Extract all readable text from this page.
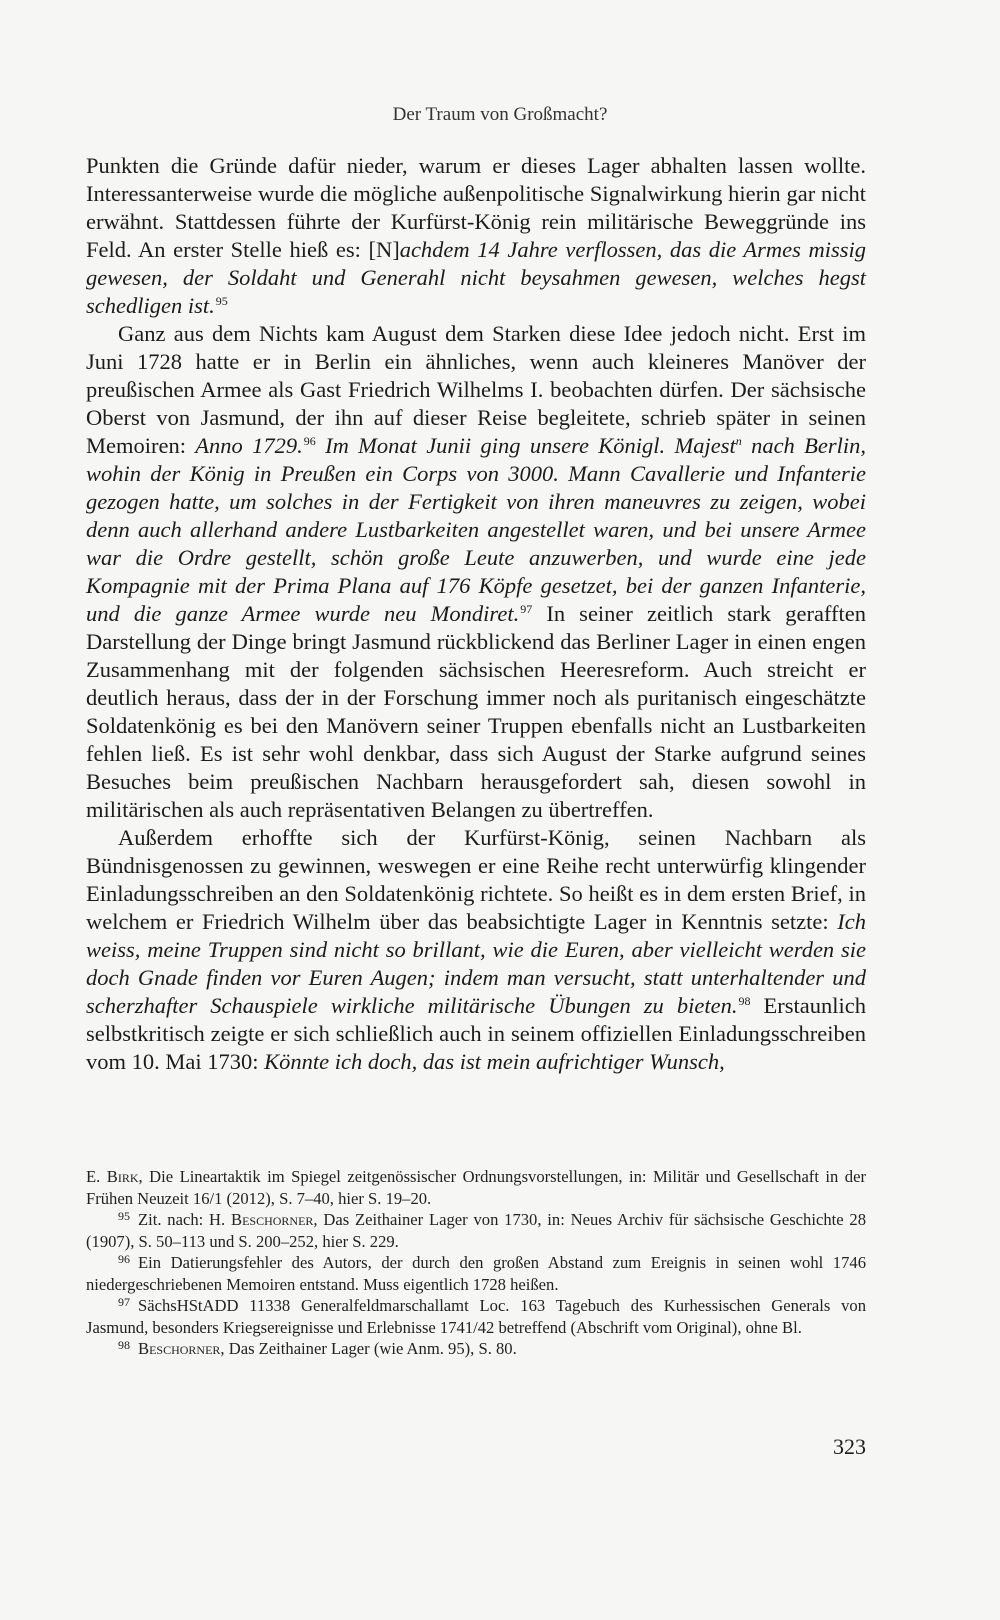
Der Traum von Großmacht?

Punkten die Gründe dafür nieder, warum er dieses Lager abhalten lassen wollte. Interessanterweise wurde die mögliche außenpolitische Signalwirkung hierin gar nicht erwähnt. Stattdessen führte der Kurfürst-König rein militärische Beweggründe ins Feld. An erster Stelle hieß es: [N]achdem 14 Jahre verflossen, das die Armes missig gewesen, der Soldaht und Generahl nicht beysahmen gewesen, welches hegst schedligen ist.$^{95}$

Ganz aus dem Nichts kam August dem Starken diese Idee jedoch nicht. Erst im Juni 1728 hatte er in Berlin ein ähnliches, wenn auch kleineres Manöver der preußischen Armee als Gast Friedrich Wilhelms I. beobachten dürfen. Der sächsische Oberst von Jasmund, der ihn auf dieser Reise begleitete, schrieb später in seinen Memoiren: Anno 1729.96 Im Monat Junii ging unsere Königl. Majest$^n$ nach Berlin, wohin der König in Preußen ein Corps von 3000. Mann Cavallerie und Infanterie gezogen hatte, um solches in der Fertigkeit von ihren maneuvres zu zeigen, wobei denn auch allerhand andere Lustbarkeiten angestellet waren, und bei unsere Armee war die Ordre gestellt, schön große Leute anzuwerben, und wurde eine jede Kompagnie mit der Prima Plana auf 176 Köpfe gesetzet, bei der ganzen Infanterie, und die ganze Armee wurde neu Mondiret.$^{97}$ In seiner zeitlich stark gerafften Darstellung der Dinge bringt Jasmund rückblickend das Berliner Lager in einen engen Zusammenhang mit der folgenden sächsischen Heeresreform. Auch streicht er deutlich heraus, dass der in der Forschung immer noch als puritanisch eingeschätzte Soldatenkönig es bei den Manövern seiner Truppen ebenfalls nicht an Lustbarkeiten fehlen ließ. Es ist sehr wohl denkbar, dass sich August der Starke aufgrund seines Besuches beim preußischen Nachbarn herausgefordert sah, diesen sowohl in militärischen als auch repräsentativen Belangen zu übertreffen.

Außerdem erhoffte sich der Kurfürst-König, seinen Nachbarn als Bündnisgenossen zu gewinnen, weswegen er eine Reihe recht unterwürfig klingender Einladungsschreiben an den Soldatenkönig richtete. So heißt es in dem ersten Brief, in welchem er Friedrich Wilhelm über das beabsichtigte Lager in Kenntnis setzte: Ich weiss, meine Truppen sind nicht so brillant, wie die Euren, aber vielleicht werden sie doch Gnade finden vor Euren Augen; indem man versucht, statt unterhaltender und scherzhafter Schauspiele wirkliche militärische Übungen zu bieten.$^{98}$ Erstaunlich selbstkritisch zeigte er sich schließlich auch in seinem offiziellen Einladungsschreiben vom 10. Mai 1730: Könnte ich doch, das ist mein aufrichtiger Wunsch,

E. Birk, Die Lineartaktik im Spiegel zeitgenössischer Ordnungsvorstellungen, in: Militär und Gesellschaft in der Frühen Neuzeit 16/1 (2012), S. 7–40, hier S. 19–20.

$^{95}$ Zit. nach: H. Beschorner, Das Zeithainer Lager von 1730, in: Neues Archiv für sächsische Geschichte 28 (1907), S. 50–113 und S. 200–252, hier S. 229.

$^{96}$ Ein Datierungsfehler des Autors, der durch den großen Abstand zum Ereignis in seinen wohl 1746 niedergeschriebenen Memoiren entstand. Muss eigentlich 1728 heißen.

$^{97}$ SächsHStADD 11338 Generalfeldmarschallamt Loc. 163 Tagebuch des Kurhessischen Generals von Jasmund, besonders Kriegsereignisse und Erlebnisse 1741/42 betreffend (Abschrift vom Original), ohne Bl.

$^{98}$ Beschorner, Das Zeithainer Lager (wie Anm. 95), S. 80.

323
